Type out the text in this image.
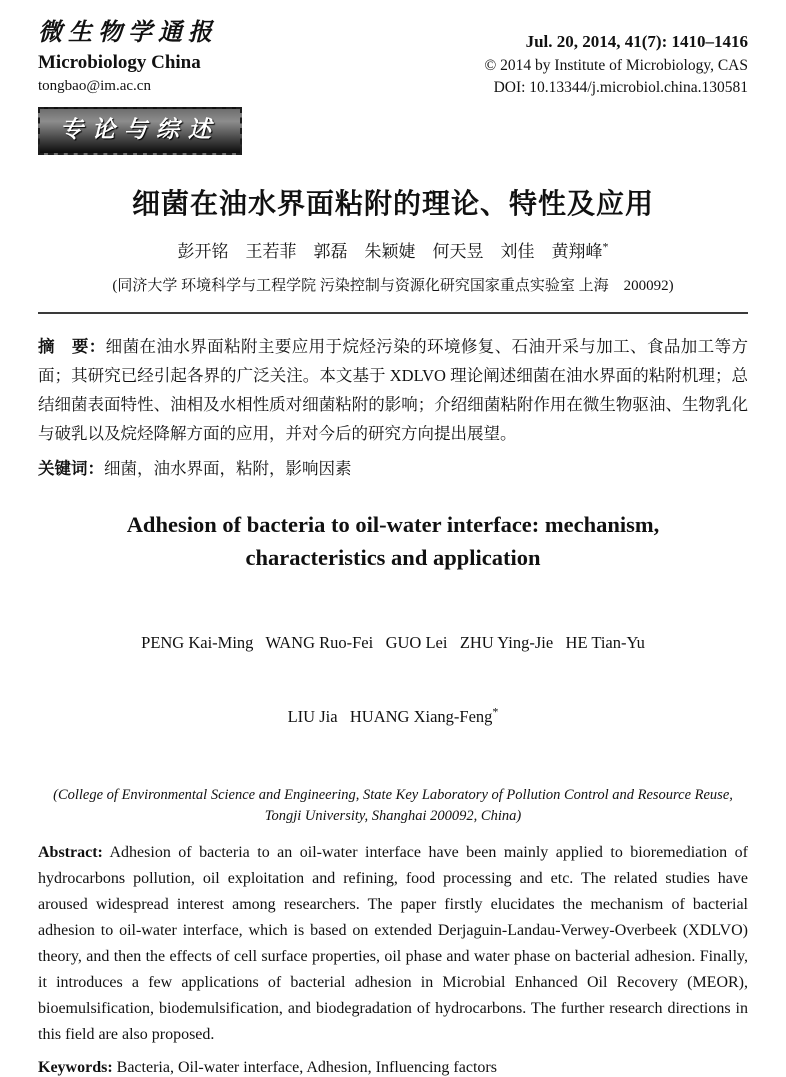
微生物学通报
Microbiology China
tongbao@im.ac.cn
专论与综述
Jul. 20, 2014, 41(7): 1410–1416
© 2014 by Institute of Microbiology, CAS
DOI: 10.13344/j.microbiol.china.130581
细菌在油水界面粘附的理论、特性及应用
彭开铭　王若菲　郭磊　朱颖婕　何天昱　刘佳　黄翔峰*
(同济大学 环境科学与工程学院 污染控制与资源化研究国家重点实验室 上海　200092)
摘　要：细菌在油水界面粘附主要应用于烷烃污染的环境修复、石油开采与加工、食品加工等方面；其研究已经引起各界的广泛关注。本文基于 XDLVO 理论阐述细菌在油水界面的粘附机理；总结细菌表面特性、油相及水相性质对细菌粘附的影响；介绍细菌粘附作用在微生物驱油、生物乳化与破乳以及烷烃降解方面的应用，并对今后的研究方向提出展望。
关键词：细菌，油水界面，粘附，影响因素
Adhesion of bacteria to oil-water interface: mechanism,
characteristics and application

PENG Kai-Ming   WANG Ruo-Fei   GUO Lei   ZHU Ying-Jie   HE Tian-Yu

LIU Jia   HUANG Xiang-Feng*

(College of Environmental Science and Engineering, State Key Laboratory of Pollution Control and Resource Reuse, Tongji University, Shanghai 200092, China)
Abstract: Adhesion of bacteria to an oil-water interface have been mainly applied to bioremediation of hydrocarbons pollution, oil exploitation and refining, food processing and etc. The related studies have aroused widespread interest among researchers. The paper firstly elucidates the mechanism of bacterial adhesion to oil-water interface, which is based on extended Derjaguin-Landau-Verwey-Overbeek (XDLVO) theory, and then the effects of cell surface properties, oil phase and water phase on bacterial adhesion. Finally, it introduces a few applications of bacterial adhesion in Microbial Enhanced Oil Recovery (MEOR), bioemulsification, biodemulsification, and biodegradation of hydrocarbons. The further research directions in this field are also proposed.
Keywords: Bacteria, Oil-water interface, Adhesion, Influencing factors
